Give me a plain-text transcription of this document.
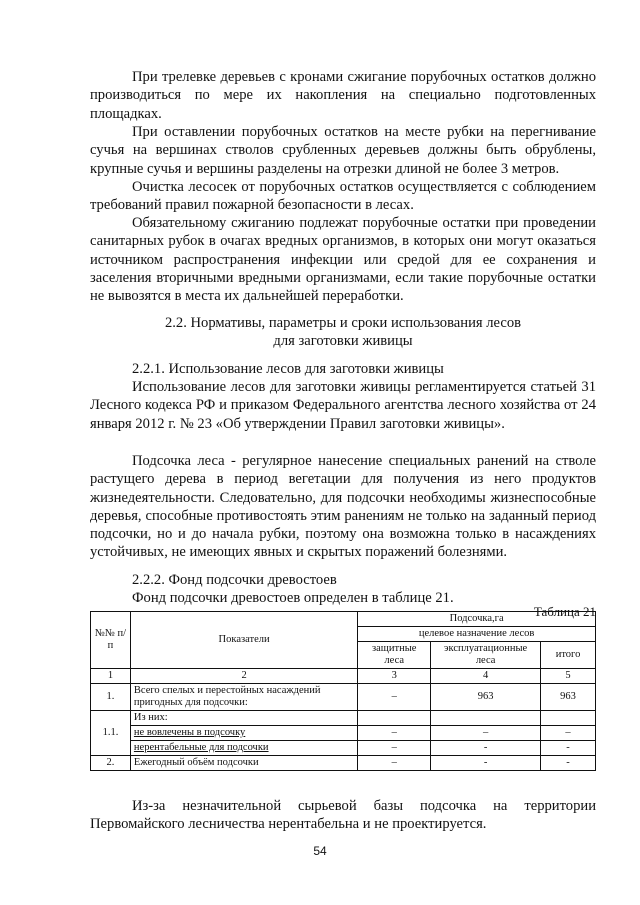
При трелевке деревьев с кронами сжигание порубочных остатков должно производиться по мере их накопления на специально подготовленных площадках.

При оставлении порубочных остатков на месте рубки на перегнивание сучья на вершинах стволов срубленных деревьев должны быть обрублены, крупные сучья и вершины разделены на отрезки длиной не более 3 метров.

Очистка лесосек от порубочных остатков осуществляется с соблюдением требований правил пожарной безопасности в лесах.

Обязательному сжиганию подлежат порубочные остатки при проведении санитарных рубок в очагах вредных организмов, в которых они могут оказаться источником распространения инфекции или средой для ее сохранения и заселения вторичными вредными организмами, если такие порубочные остатки не вывозятся в места их дальнейшей переработки.

2.2. Нормативы, параметры и сроки использования лесов
для заготовки живицы

2.2.1. Использование лесов для заготовки живицы

Использование лесов для заготовки живицы регламентируется статьей 31 Лесного кодекса РФ и приказом Федерального агентства лесного хозяйства от 24 января 2012 г. № 23 «Об утверждении Правил заготовки живицы».

Подсочка леса - регулярное нанесение специальных ранений на стволе растущего дерева в период вегетации для получения из него продуктов жизнедеятельности. Следовательно, для подсочки необходимы жизнеспособные деревья, способные противостоять этим ранениям не только на заданный период подсочки, но и до начала рубки, поэтому она возможна только в насаждениях устойчивых, не имеющих явных и скрытых поражений болезнями.

2.2.2. Фонд подсочки древостоев

Фонд подсочки древостоев определен в таблице 21.

Таблица 21

№№ п/п	Показатели	Подсочка,га		
		целевое назначение лесов		
		защитные леса	эксплуатационные леса	итого
1	2	3	4	5
1.	Всего спелых и перестойных насаждений пригодных для подсочки:	–	963	963
1.1.	Из них:			
	не вовлечены в подсочку	–	–	–
	нерентабельные для подсочки	–	-	-
2.	Ежегодный объём подсочки	–	-	-

Из-за незначительной сырьевой базы подсочка на территории Первомайского лесничества нерентабельна и не проектируется.

54
